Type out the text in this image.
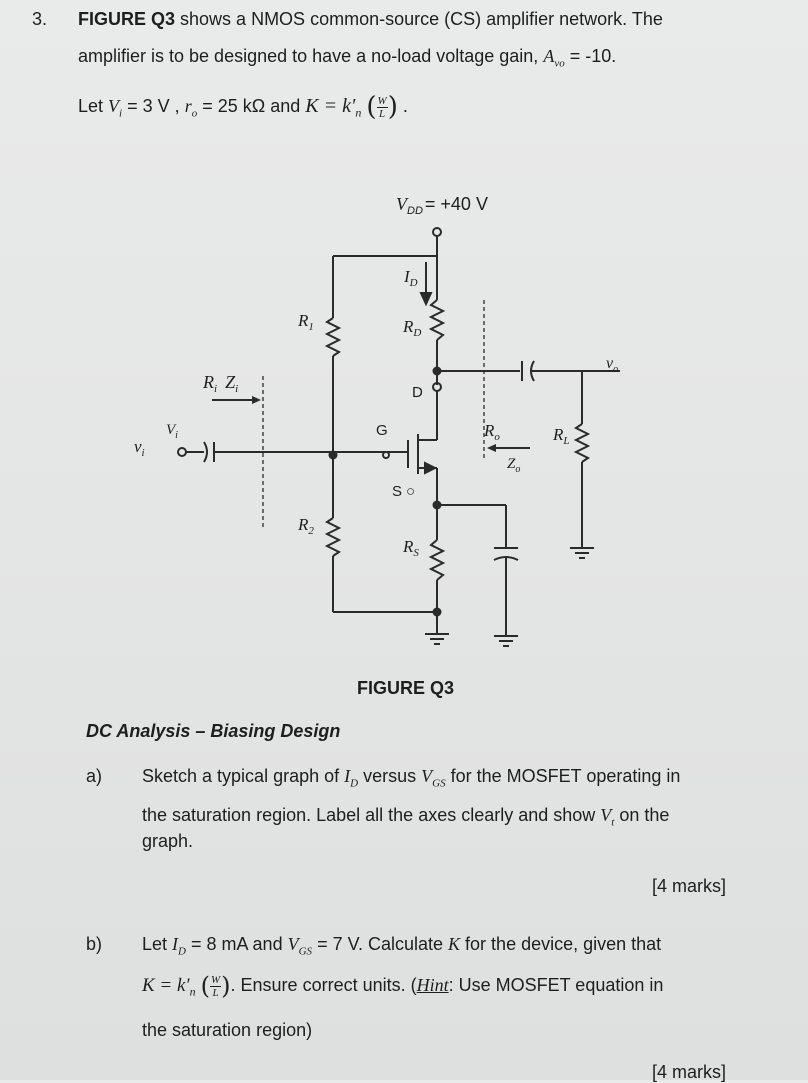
3. FIGURE Q3 shows a NMOS common-source (CS) amplifier network. The
amplifier is to be designed to have a no-load voltage gain, $A_{vo} = -10$.
Let $V_i = 3$ V , $r_o = 25$ kΩ and $K = k'_n$ ( $\frac{W}{L}$ ) .
$V_{DD} = +40$ V
$I_D$
$R_1$	$R_D$
$R_i$ $Z_i$	D
G
S ○
$R_o$
$Z_o$
$R_L$
$v_o$
$V_i$
$v_i$
$R_2$
$R_S$
FIGURE Q3
DC Analysis – Biasing Design
a) Sketch a typical graph of $I_D$ versus $V_{GS}$ for the MOSFET operating in
the saturation region. Label all the axes clearly and show $V_t$ on the
graph.
[4 marks]
b) Let $I_D = 8$ mA and $V_{GS} = 7$ V. Calculate K for the device, given that
$K = k'_n$ ( $\frac{W}{L}$ ). Ensure correct units. (Hint: Use MOSFET equation in
the saturation region)
[4 marks]
